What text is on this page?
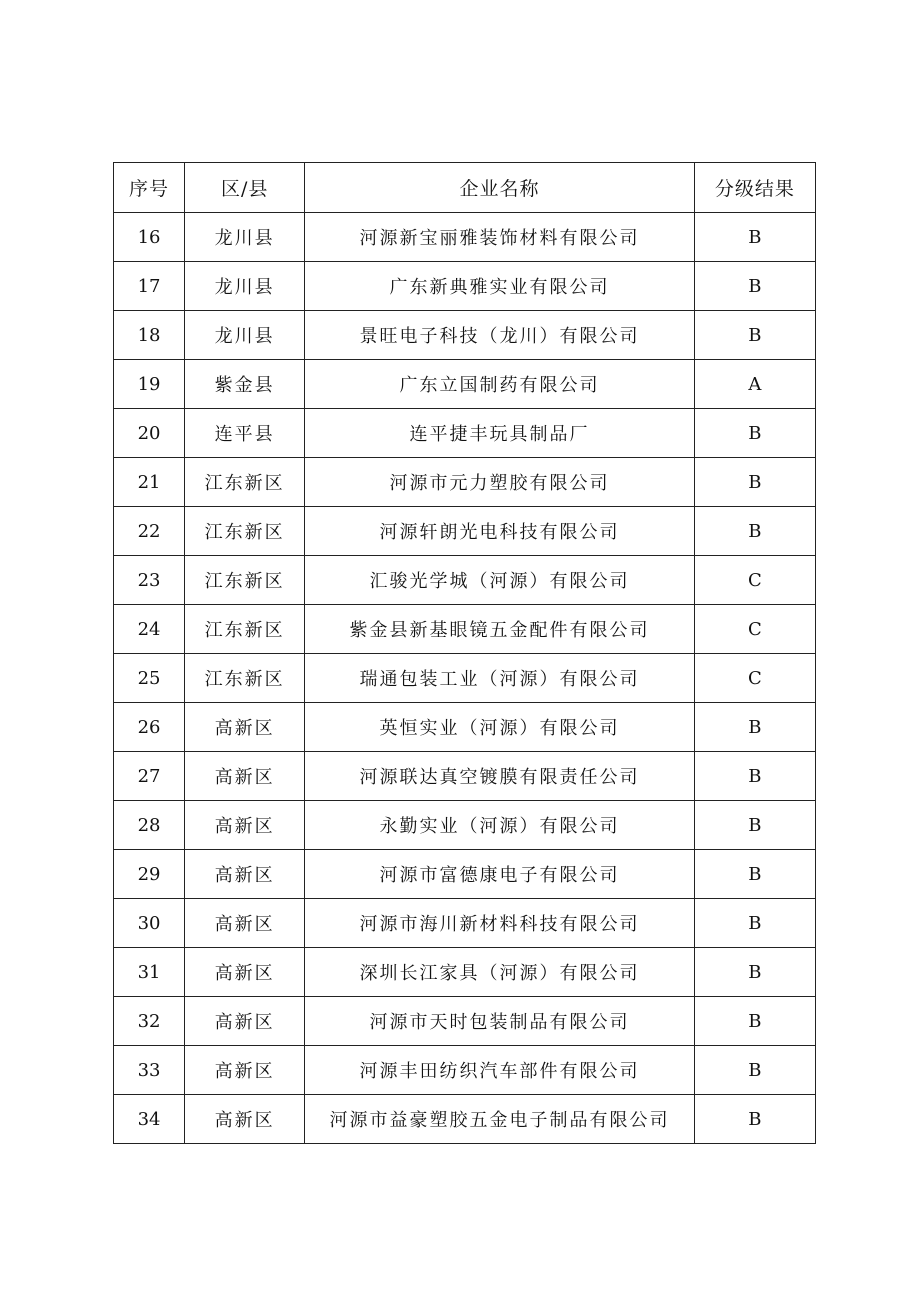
序号	区/县	企业名称	分级结果
16	龙川县	河源新宝丽雅装饰材料有限公司	B
17	龙川县	广东新典雅实业有限公司	B
18	龙川县	景旺电子科技（龙川）有限公司	B
19	紫金县	广东立国制药有限公司	A
20	连平县	连平捷丰玩具制品厂	B
21	江东新区	河源市元力塑胶有限公司	B
22	江东新区	河源轩朗光电科技有限公司	B
23	江东新区	汇骏光学城（河源）有限公司	C
24	江东新区	紫金县新基眼镜五金配件有限公司	C
25	江东新区	瑞通包装工业（河源）有限公司	C
26	高新区	英恒实业（河源）有限公司	B
27	高新区	河源联达真空镀膜有限责任公司	B
28	高新区	永勤实业（河源）有限公司	B
29	高新区	河源市富德康电子有限公司	B
30	高新区	河源市海川新材料科技有限公司	B
31	高新区	深圳长江家具（河源）有限公司	B
32	高新区	河源市天时包装制品有限公司	B
33	高新区	河源丰田纺织汽车部件有限公司	B
34	高新区	河源市益豪塑胶五金电子制品有限公司	B
